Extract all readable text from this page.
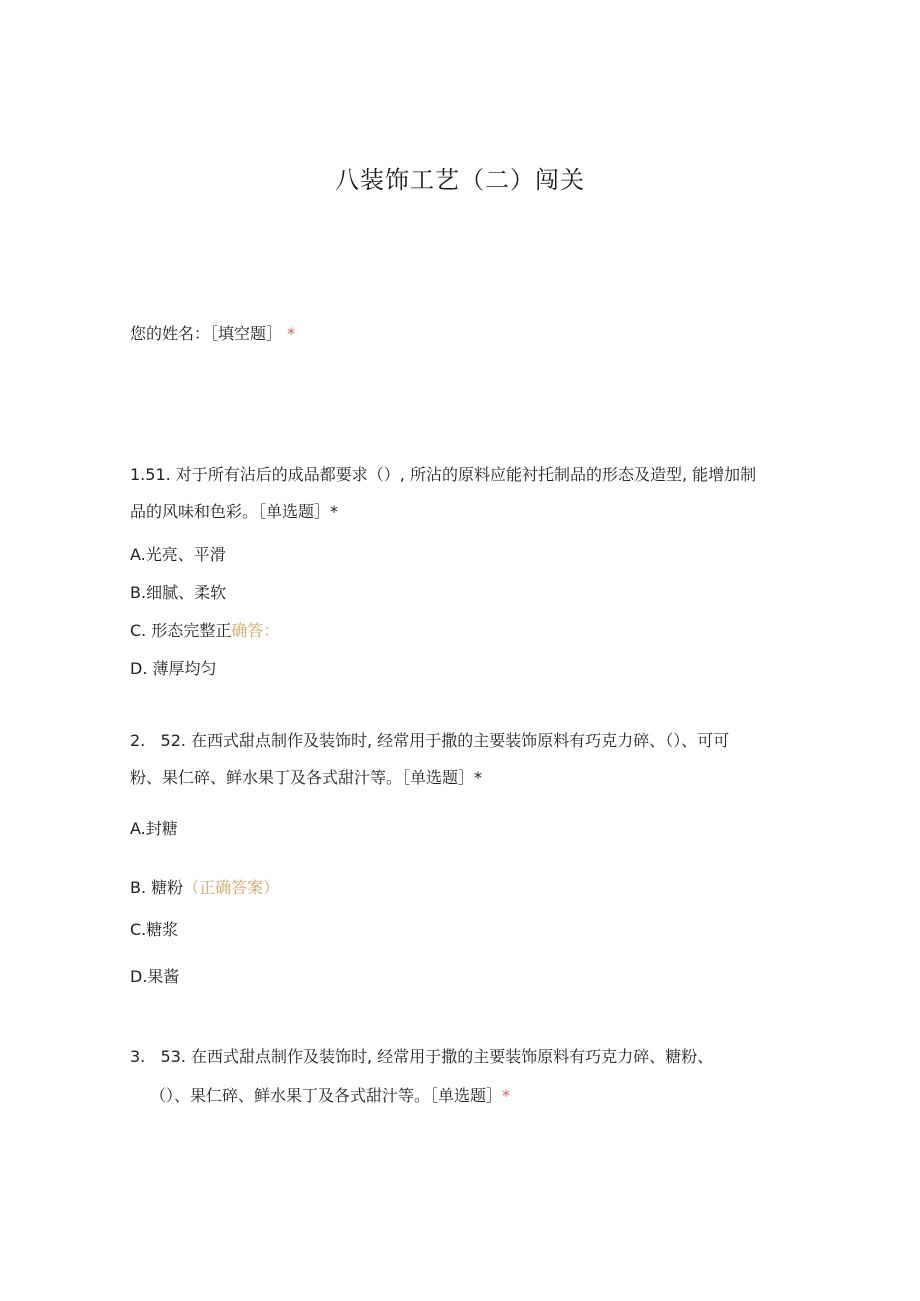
八装饰工艺（二）闯关
您的姓名：［填空题］ *
1.51. 对于所有沾后的成品都要求（）, 所沾的原料应能衬托制品的形态及造型, 能增加制
品的风味和色彩。［单选题］*
A.光亮、平滑
B.细腻、柔软
C. 形态完整正确答：
D. 薄厚均匀
2.   52. 在西式甜点制作及装饰时, 经常用于撒的主要装饰原料有巧克力碎、（）、可可
粉、果仁碎、鲜水果丁及各式甜汁等。［单选题］*
A.封糖
B. 糖粉（正确答案）
C.糖浆
D.果酱
3.   53. 在西式甜点制作及装饰时, 经常用于撒的主要装饰原料有巧克力碎、糖粉、
（）、果仁碎、鲜水果丁及各式甜汁等。［单选题］*
